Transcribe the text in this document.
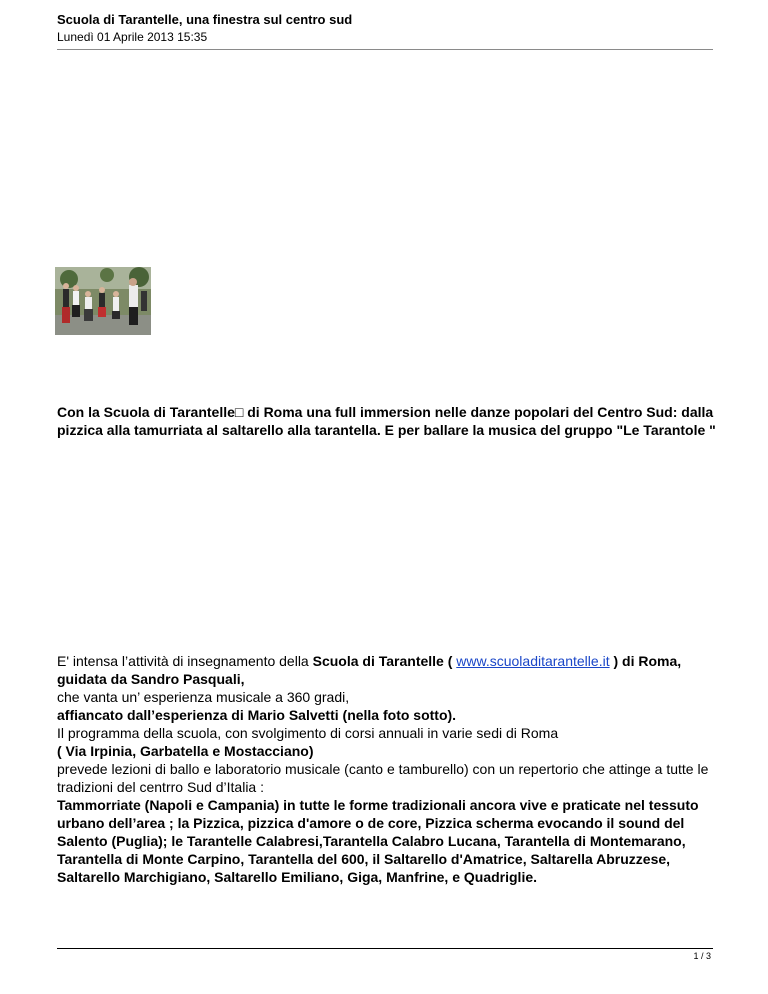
Scuola di Tarantelle, una finestra sul centro sud
Lunedì 01 Aprile 2013 15:35
Con la Scuola di Tarantelle□ di Roma una full immersion nelle danze popolari del Centro Sud: dalla pizzica alla tamurriata al saltarello alla tarantella. E per ballare la musica del gruppo "Le Tarantole "
E' intensa l’attività di insegnamento della Scuola di Tarantelle ( www.scuoladitarantelle.it ) di Roma, guidata da Sandro Pasquali,
che vanta un’ esperienza musicale a 360 gradi,
affiancato dall’esperienza di Mario Salvetti (nella foto sotto).
Il programma della scuola, con svolgimento di corsi annuali in varie sedi di Roma
( Via Irpinia, Garbatella e Mostacciano)
prevede lezioni di ballo e laboratorio musicale (canto e tamburello) con un repertorio che attinge a tutte le tradizioni del centrro Sud d’Italia :
Tammorriate (Napoli e Campania) in tutte le forme tradizionali ancora vive e praticate nel tessuto urbano dell’area ; la Pizzica, pizzica d'amore o de core, Pizzica scherma evocando il sound del Salento (Puglia); le Tarantelle Calabresi,Tarantella Calabro Lucana, Tarantella di Montemarano, Tarantella di Monte Carpino, Tarantella del 600, il Saltarello d'Amatrice, Saltarella Abruzzese, Saltarello Marchigiano, Saltarello Emiliano, Giga, Manfrine, e Quadriglie.
1 / 3
